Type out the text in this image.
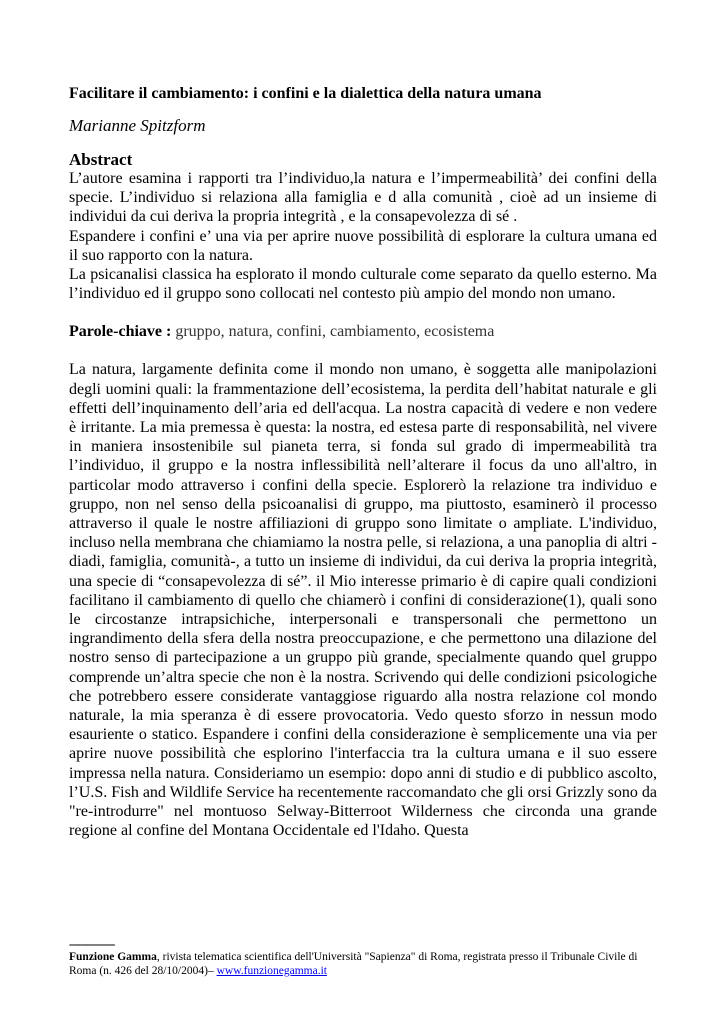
Facilitare il cambiamento: i confini e la dialettica della natura umana

Marianne Spitzform

Abstract

L’autore esamina i rapporti tra l’individuo,la natura e l’impermeabilità’ dei confini della specie. L’individuo si relaziona alla famiglia e d alla comunità , cioè ad un insieme di individui da cui deriva la propria integrità , e la consapevolezza di sé .

Espandere i confini e’ una via per aprire nuove possibilità di esplorare la cultura umana ed il suo rapporto con la natura.

La psicanalisi classica ha esplorato il mondo culturale come separato da quello esterno. Ma l’individuo ed il gruppo sono collocati nel contesto più ampio del mondo non umano.

Parole-chiave : gruppo, natura, confini, cambiamento, ecosistema

La natura, largamente definita come il mondo non umano, è soggetta alle manipolazioni degli uomini quali: la frammentazione dell’ecosistema, la perdita dell’habitat naturale e gli effetti dell’inquinamento dell’aria ed dell'acqua. La nostra capacità di vedere e non vedere è irritante. La mia premessa è questa: la nostra, ed estesa parte di responsabilità, nel vivere in maniera insostenibile sul pianeta terra, si fonda sul grado di impermeabilità tra l’individuo, il gruppo e la nostra inflessibilità nell’alterare il focus da uno all'altro, in particolar modo attraverso i confini della specie. Esplorerò la relazione tra individuo e gruppo, non nel senso della psicoanalisi di gruppo, ma piuttosto, esaminerò il processo attraverso il quale le nostre affiliazioni di gruppo sono limitate o ampliate. L'individuo, incluso nella membrana che chiamiamo la nostra pelle, si relaziona, a una panoplia di altri -diadi, famiglia, comunità-, a tutto un insieme di individui, da cui deriva la propria integrità, una specie di “consapevolezza di sé”. il Mio interesse primario è di capire quali condizioni facilitano il cambiamento di quello che chiamerò i confini di considerazione(1), quali sono le circostanze intrapsichiche, interpersonali e transpersonali che permettono un ingrandimento della sfera della nostra preoccupazione, e che permettono una dilazione del nostro senso di partecipazione a un gruppo più grande, specialmente quando quel gruppo comprende un’altra specie che non è la nostra. Scrivendo qui delle condizioni psicologiche che potrebbero essere considerate vantaggiose riguardo alla nostra relazione col mondo naturale, la mia speranza è di essere provocatoria. Vedo questo sforzo in nessun modo esauriente o statico. Espandere i confini della considerazione è semplicemente una via per aprire nuove possibilità che esplorino l'interfaccia tra la cultura umana e il suo essere impressa nella natura. Consideriamo un esempio: dopo anni di studio e di pubblico ascolto, l’U.S. Fish and Wildlife Service ha recentemente raccomandato che gli orsi Grizzly sono da "re-introdurre" nel montuoso Selway-Bitterroot Wilderness che circonda una grande regione al confine del Montana Occidentale ed l'Idaho. Questa

----------------

Funzione Gamma, rivista telematica scientifica dell'Università "Sapienza" di Roma, registrata presso il Tribunale Civile di Roma (n. 426 del 28/10/2004)– www.funzionegamma.it
